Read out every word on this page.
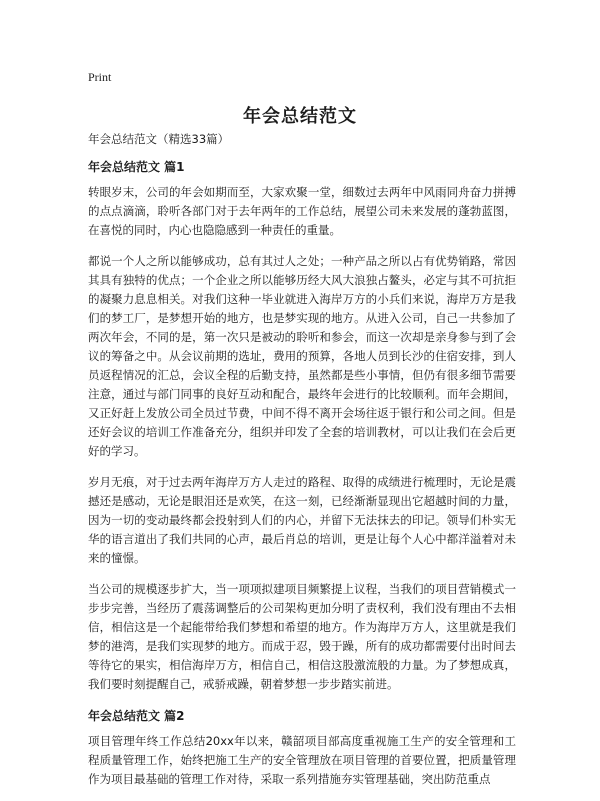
Print
年会总结范文
年会总结范文（精选33篇）
年会总结范文 篇1
转眼岁末，公司的年会如期而至，大家欢聚一堂，细数过去两年中风雨同舟奋力拼搏的点点滴滴，聆听各部门对于去年两年的工作总结，展望公司未来发展的蓬勃蓝图，在喜悦的同时，内心也隐隐感到一种责任的重量。
都说一个人之所以能够成功，总有其过人之处；一种产品之所以占有优势销路，常因其具有独特的优点；一个企业之所以能够历经大风大浪独占鳌头，必定与其不可抗拒的凝聚力息息相关。对我们这种一毕业就进入海岸万方的小兵们来说，海岸万方是我们的梦工厂，是梦想开始的地方，也是梦实现的地方。从进入公司，自己一共参加了两次年会，不同的是，第一次只是被动的聆听和参会，而这一次却是亲身参与到了会议的筹备之中。从会议前期的选址，费用的预算，各地人员到长沙的住宿安排，到人员返程情况的汇总，会议全程的后勤支持，虽然都是些小事情，但仍有很多细节需要注意，通过与部门同事的良好互动和配合，最终年会进行的比较顺利。而年会期间，又正好赶上发放公司全员过节费，中间不得不离开会场往返于银行和公司之间。但是还好会议的培训工作准备充分，组织并印发了全套的培训教材，可以让我们在会后更好的学习。
岁月无痕，对于过去两年海岸万方人走过的路程、取得的成绩进行梳理时，无论是震撼还是感动，无论是眼泪还是欢笑，在这一刻，已经渐渐显现出它超越时间的力量，因为一切的变动最终都会投射到人们的内心，并留下无法抹去的印记。领导们朴实无华的语言道出了我们共同的心声，最后肖总的培训，更是让每个人心中都洋溢着对未来的憧憬。
当公司的规模逐步扩大，当一项项拟建项目频繁提上议程，当我们的项目营销模式一步步完善，当经历了震荡调整后的公司架构更加分明了责权利，我们没有理由不去相信，相信这是一个起能带给我们梦想和希望的地方。作为海岸万方人，这里就是我们梦的港湾，是我们实现梦的地方。而成于忍，毁于躁，所有的成功都需要付出时间去等待它的果实，相信海岸万方，相信自己，相信这股激流般的力量。为了梦想成真，我们要时刻提醒自己，戒骄戒躁，朝着梦想一步步踏实前进。
年会总结范文 篇2
项目管理年终工作总结20xx年以来，赣韶项目部高度重视施工生产的安全管理和工程质量管理工作，始终把施工生产的安全管理放在项目管理的首要位置，把质量管理作为项目最基础的管理工作对待，采取一系列措施夯实管理基础，突出防范重点
